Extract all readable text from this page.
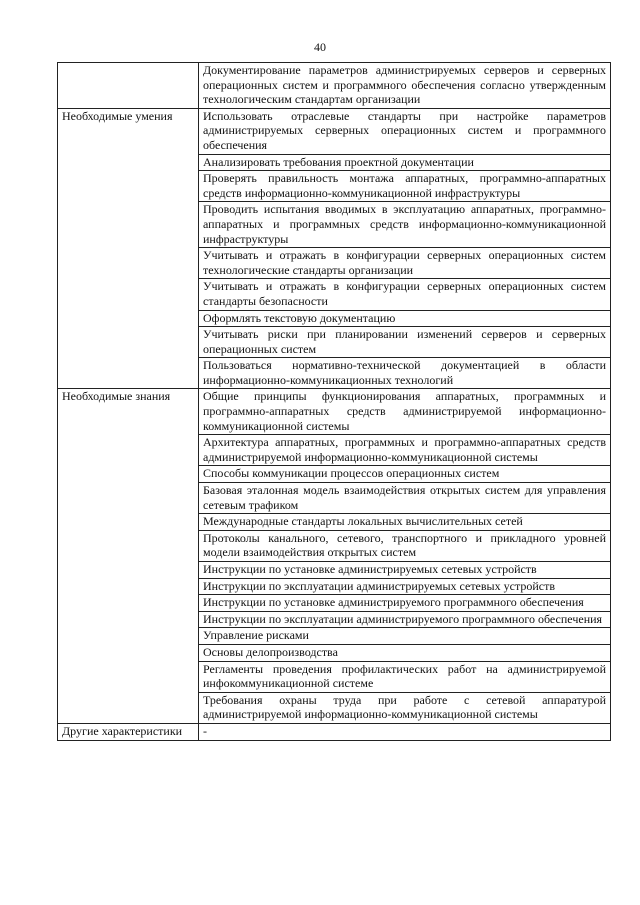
40
	Документирование параметров администрируемых серверов и серверных операционных систем и программного обеспечения согласно утвержденным технологическим стандартам организации
Необходимые умения	Использовать отраслевые стандарты при настройке параметров администрируемых серверных операционных систем и программного обеспечения
	Анализировать требования проектной документации
	Проверять правильность монтажа аппаратных, программно-аппаратных средств информационно-коммуникационной инфраструктуры
	Проводить испытания вводимых в эксплуатацию аппаратных, программно-аппаратных и программных средств информационно-коммуникационной инфраструктуры
	Учитывать и отражать в конфигурации серверных операционных систем технологические стандарты организации
	Учитывать и отражать в конфигурации серверных операционных систем стандарты безопасности
	Оформлять текстовую документацию
	Учитывать риски при планировании изменений серверов и серверных операционных систем
	Пользоваться нормативно-технической документацией в области информационно-коммуникационных технологий
Необходимые знания	Общие принципы функционирования аппаратных, программных и программно-аппаратных средств администрируемой информационно-коммуникационной системы
	Архитектура аппаратных, программных и программно-аппаратных средств администрируемой информационно-коммуникационной системы
	Способы коммуникации процессов операционных систем
	Базовая эталонная модель взаимодействия открытых систем для управления сетевым трафиком
	Международные стандарты локальных вычислительных сетей
	Протоколы канального, сетевого, транспортного и прикладного уровней модели взаимодействия открытых систем
	Инструкции по установке администрируемых сетевых устройств
	Инструкции по эксплуатации администрируемых сетевых устройств
	Инструкции по установке администрируемого программного обеспечения
	Инструкции по эксплуатации администрируемого программного обеспечения
	Управление рисками
	Основы делопроизводства
	Регламенты проведения профилактических работ на администрируемой инфокоммуникационной системе
	Требования охраны труда при работе с сетевой аппаратурой администрируемой информационно-коммуникационной системы
Другие характеристики	-
